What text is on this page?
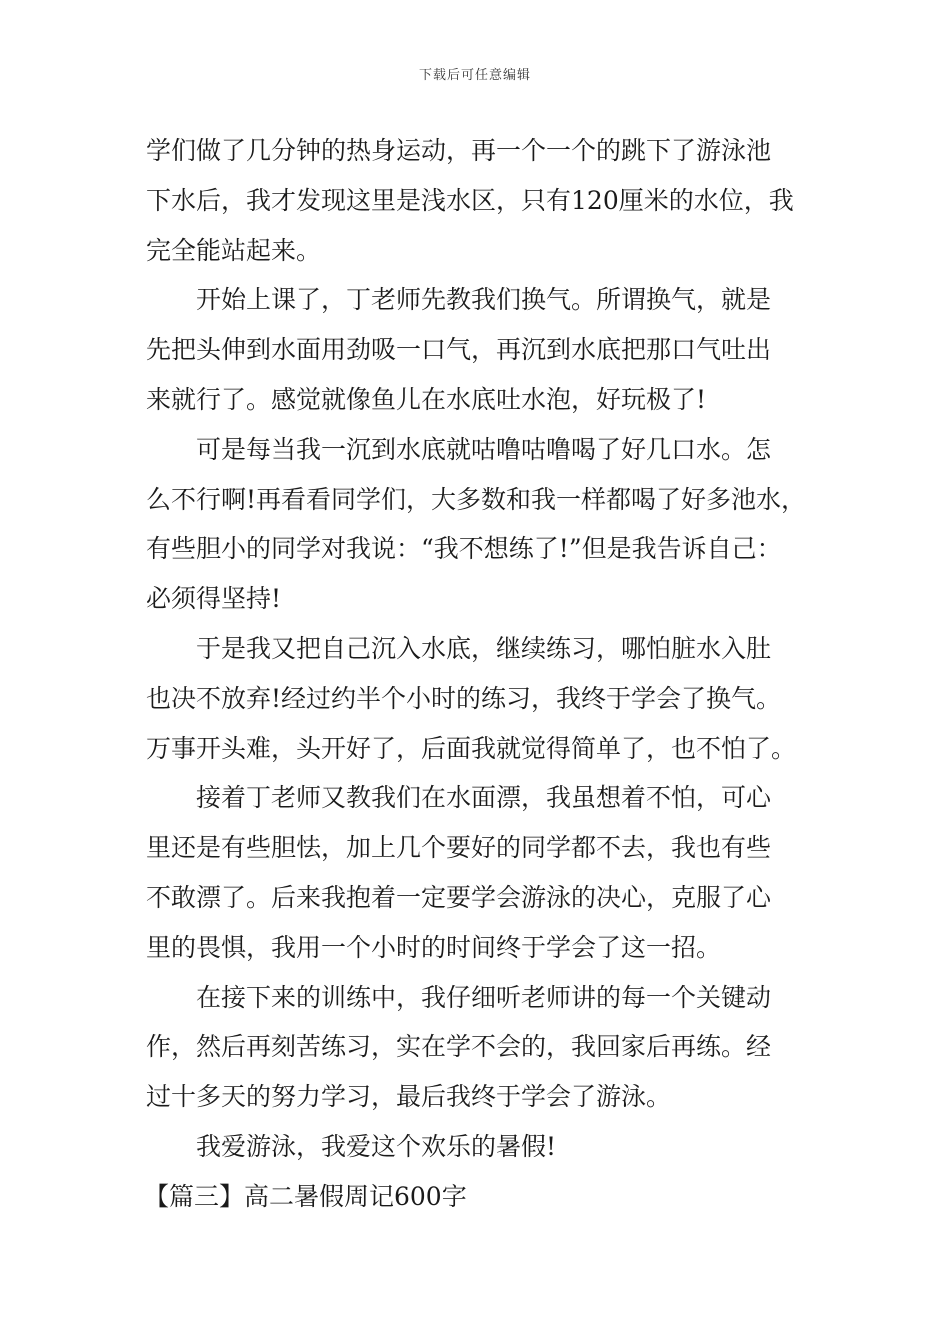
下载后可任意编辑
学们做了几分钟的热身运动，再一个一个的跳下了游泳池
下水后，我才发现这里是浅水区，只有120厘米的水位，我
完全能站起来。
开始上课了，丁老师先教我们换气。所谓换气，就是
先把头伸到水面用劲吸一口气，再沉到水底把那口气吐出
来就行了。感觉就像鱼儿在水底吐水泡，好玩极了!
可是每当我一沉到水底就咕噜咕噜喝了好几口水。怎
么不行啊!再看看同学们，大多数和我一样都喝了好多池水，
有些胆小的同学对我说：“我不想练了!”但是我告诉自己：
必须得坚持!
于是我又把自己沉入水底，继续练习，哪怕脏水入肚
也决不放弃!经过约半个小时的练习，我终于学会了换气。
万事开头难，头开好了，后面我就觉得简单了，也不怕了。
接着丁老师又教我们在水面漂，我虽想着不怕，可心
里还是有些胆怯，加上几个要好的同学都不去，我也有些
不敢漂了。后来我抱着一定要学会游泳的决心，克服了心
里的畏惧，我用一个小时的时间终于学会了这一招。
在接下来的训练中，我仔细听老师讲的每一个关键动
作，然后再刻苦练习，实在学不会的，我回家后再练。经
过十多天的努力学习，最后我终于学会了游泳。
我爱游泳，我爱这个欢乐的暑假!
【篇三】高二暑假周记600字
